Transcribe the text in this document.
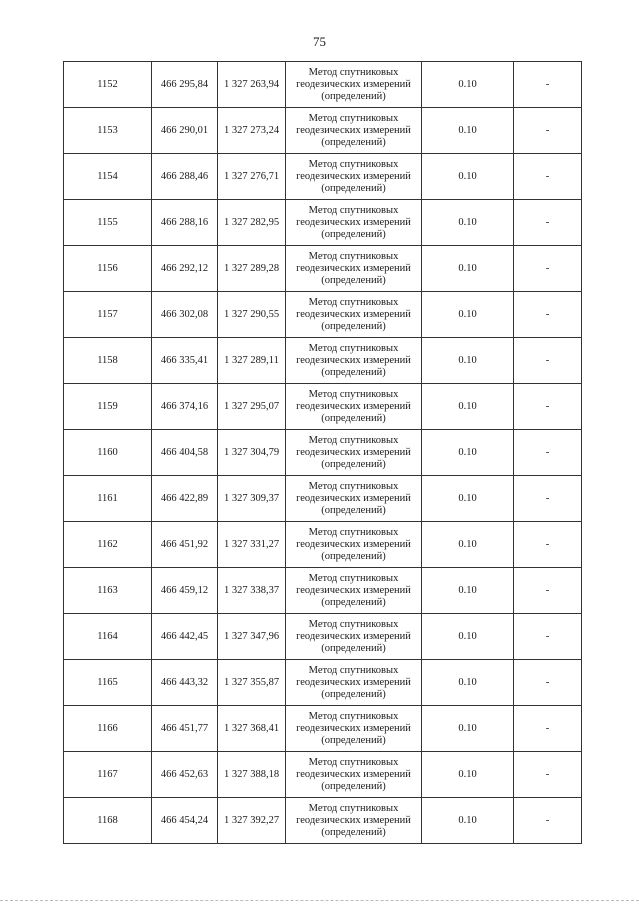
75
1152	466 295,84	1 327 263,94	Метод спутниковых
геодезических измерений
(определений)	0.10	-
1153	466 290,01	1 327 273,24	Метод спутниковых
геодезических измерений
(определений)	0.10	-
1154	466 288,46	1 327 276,71	Метод спутниковых
геодезических измерений
(определений)	0.10	-
1155	466 288,16	1 327 282,95	Метод спутниковых
геодезических измерений
(определений)	0.10	-
1156	466 292,12	1 327 289,28	Метод спутниковых
геодезических измерений
(определений)	0.10	-
1157	466 302,08	1 327 290,55	Метод спутниковых
геодезических измерений
(определений)	0.10	-
1158	466 335,41	1 327 289,11	Метод спутниковых
геодезических измерений
(определений)	0.10	-
1159	466 374,16	1 327 295,07	Метод спутниковых
геодезических измерений
(определений)	0.10	-
1160	466 404,58	1 327 304,79	Метод спутниковых
геодезических измерений
(определений)	0.10	-
1161	466 422,89	1 327 309,37	Метод спутниковых
геодезических измерений
(определений)	0.10	-
1162	466 451,92	1 327 331,27	Метод спутниковых
геодезических измерений
(определений)	0.10	-
1163	466 459,12	1 327 338,37	Метод спутниковых
геодезических измерений
(определений)	0.10	-
1164	466 442,45	1 327 347,96	Метод спутниковых
геодезических измерений
(определений)	0.10	-
1165	466 443,32	1 327 355,87	Метод спутниковых
геодезических измерений
(определений)	0.10	-
1166	466 451,77	1 327 368,41	Метод спутниковых
геодезических измерений
(определений)	0.10	-
1167	466 452,63	1 327 388,18	Метод спутниковых
геодезических измерений
(определений)	0.10	-
1168	466 454,24	1 327 392,27	Метод спутниковых
геодезических измерений
(определений)	0.10	-
